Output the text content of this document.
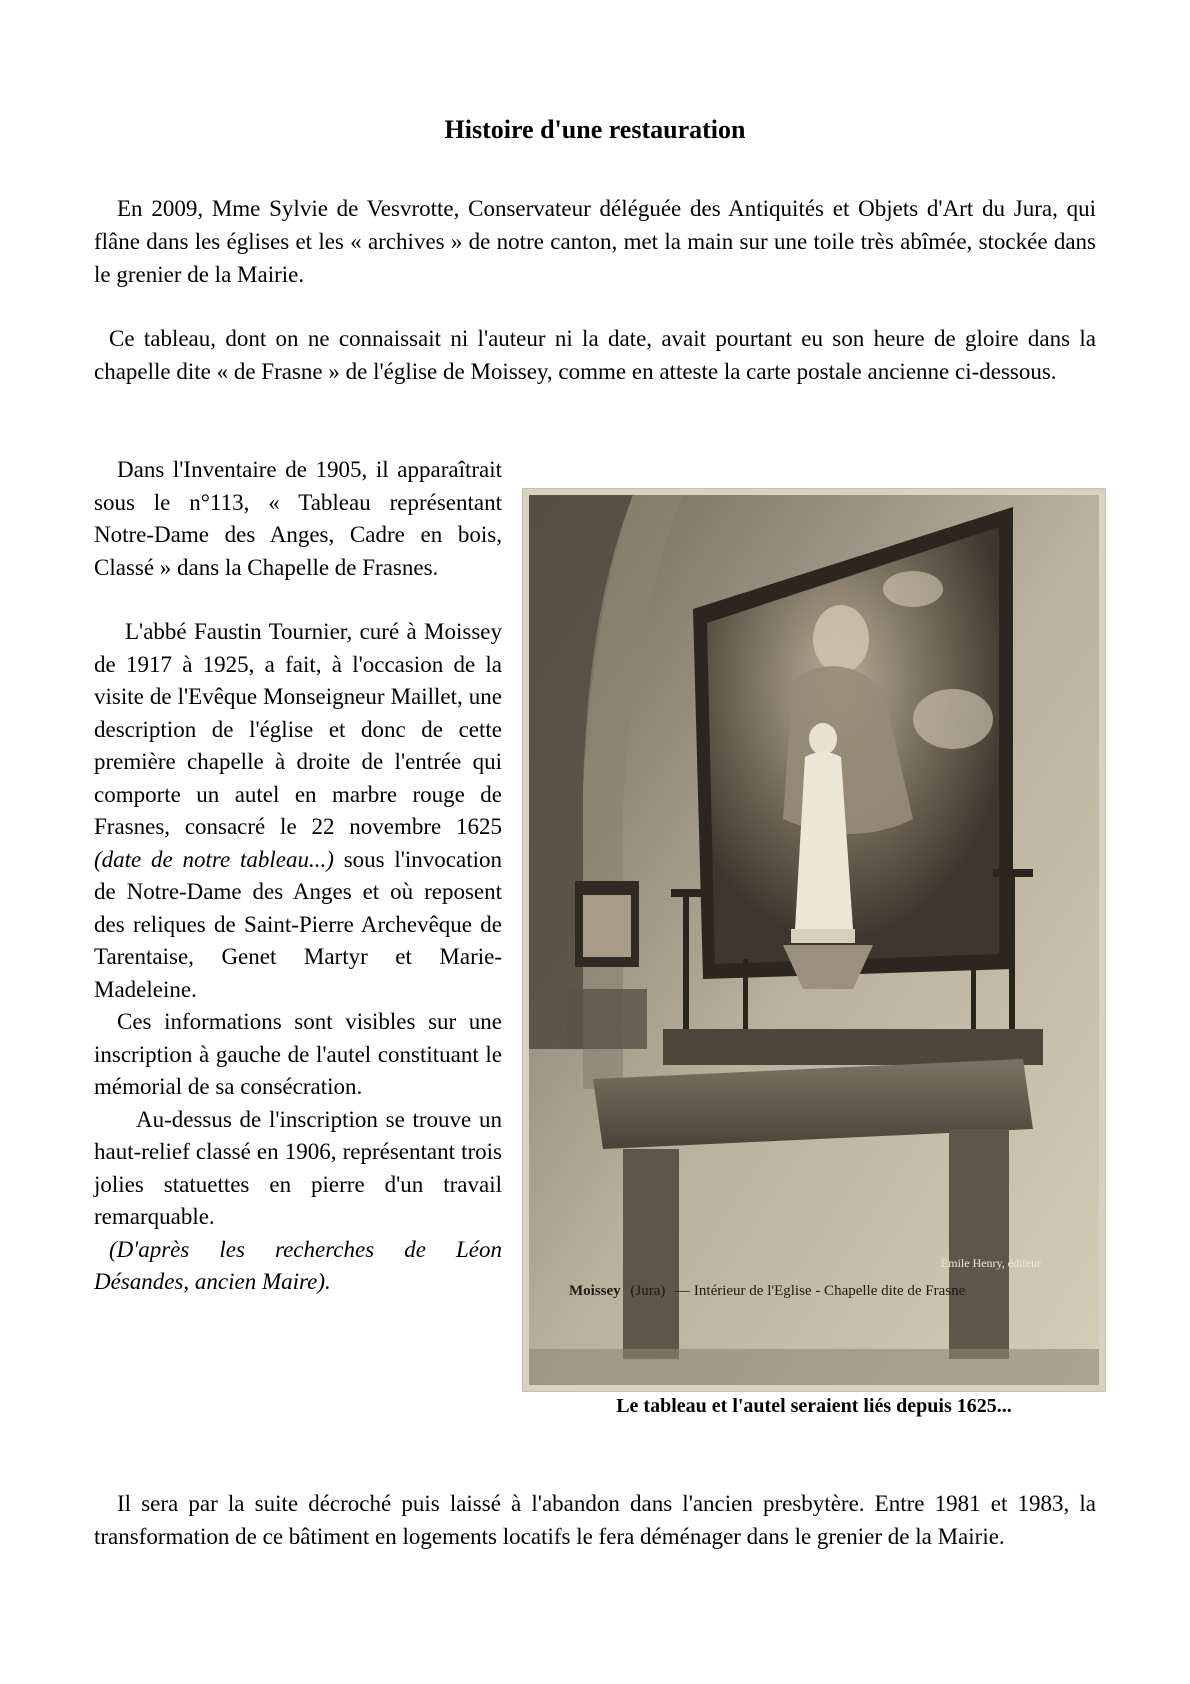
Histoire d'une restauration

En 2009, Mme Sylvie de Vesvrotte, Conservateur déléguée des Antiquités et Objets d'Art du Jura, qui flâne dans les églises et les « archives » de notre canton, met la main sur une toile très abîmée, stockée dans le grenier de la Mairie.

Ce tableau, dont on ne connaissait ni l'auteur ni la date, avait pourtant eu son heure de gloire dans la chapelle dite « de Frasne » de l'église de Moissey, comme en atteste la carte postale ancienne ci-dessous.

Dans l'Inventaire de 1905, il apparaîtrait sous le n°113, « Tableau représentant Notre-Dame des Anges, Cadre en bois, Classé » dans la Chapelle de Frasnes.

L'abbé Faustin Tournier, curé à Moissey de 1917 à 1925, a fait, à l'occasion de la visite de l'Evêque Monseigneur Maillet, une description de l'église et donc de cette première chapelle à droite de l'entrée qui comporte un autel en marbre rouge de Frasnes, consacré le 22 novembre 1625 (date de notre tableau...) sous l'invocation de Notre-Dame des Anges et où reposent des reliques de Saint-Pierre Archevêque de Tarentaise, Genet Martyr et Marie-Madeleine.

Ces informations sont visibles sur une inscription à gauche de l'autel constituant le mémorial de sa consécration.

Au-dessus de l'inscription se trouve un haut-relief classé en 1906, représentant trois jolies statuettes en pierre d'un travail remarquable.

(D'après les recherches de Léon Désandes, ancien Maire).

Emile Henry, éditeur
Moissey (Jura) — Intérieur de l'Eglise - Chapelle dite de Frasne

Le tableau et l'autel seraient liés depuis 1625...

Il sera par la suite décroché puis laissé à l'abandon dans l'ancien presbytère. Entre 1981 et 1983, la transformation de ce bâtiment en logements locatifs le fera déménager dans le grenier de la Mairie.
